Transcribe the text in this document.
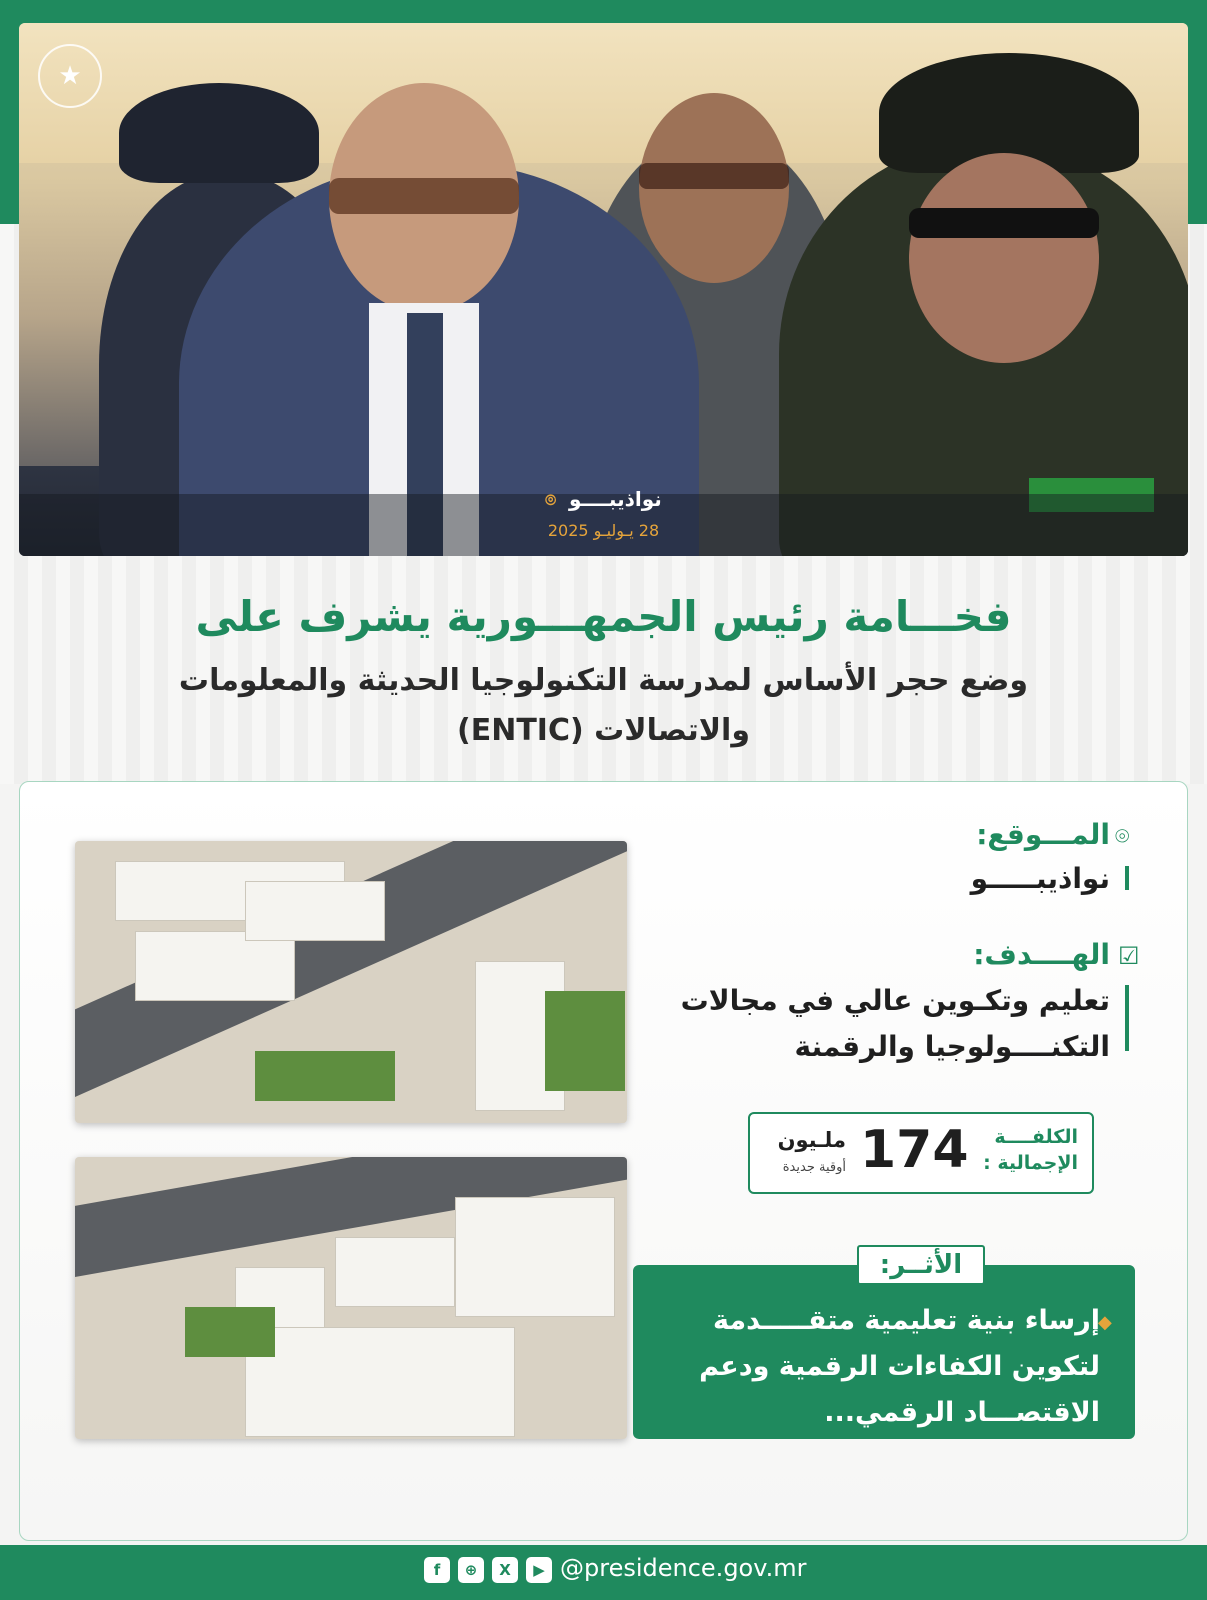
★
نواذيبــــو ⌾
28 يـوليـو 2025
فخـــامة رئيس الجمهـــورية يشرف على
وضع حجر الأساس لمدرسة التكنولوجيا الحديثة والمعلومات
والاتصالات (ENTIC)
⌾
المـــوقع:
نواذيبـــــو
☑
الهــــدف:
تعليم وتكـوين عالي في مجالات
التكنــــولوجيا والرقمنة
الكلفــــة
الإجمالية :
174
ملـيون
أوقية جديدة
الأثــر:
◆
إرساء بنية تعليمية متقـــــدمة
لتكوين الكفاءات الرقمية ودعم
الاقتصـــاد الرقمي...
f	⊕	X	▶ @presidence.gov.mr
